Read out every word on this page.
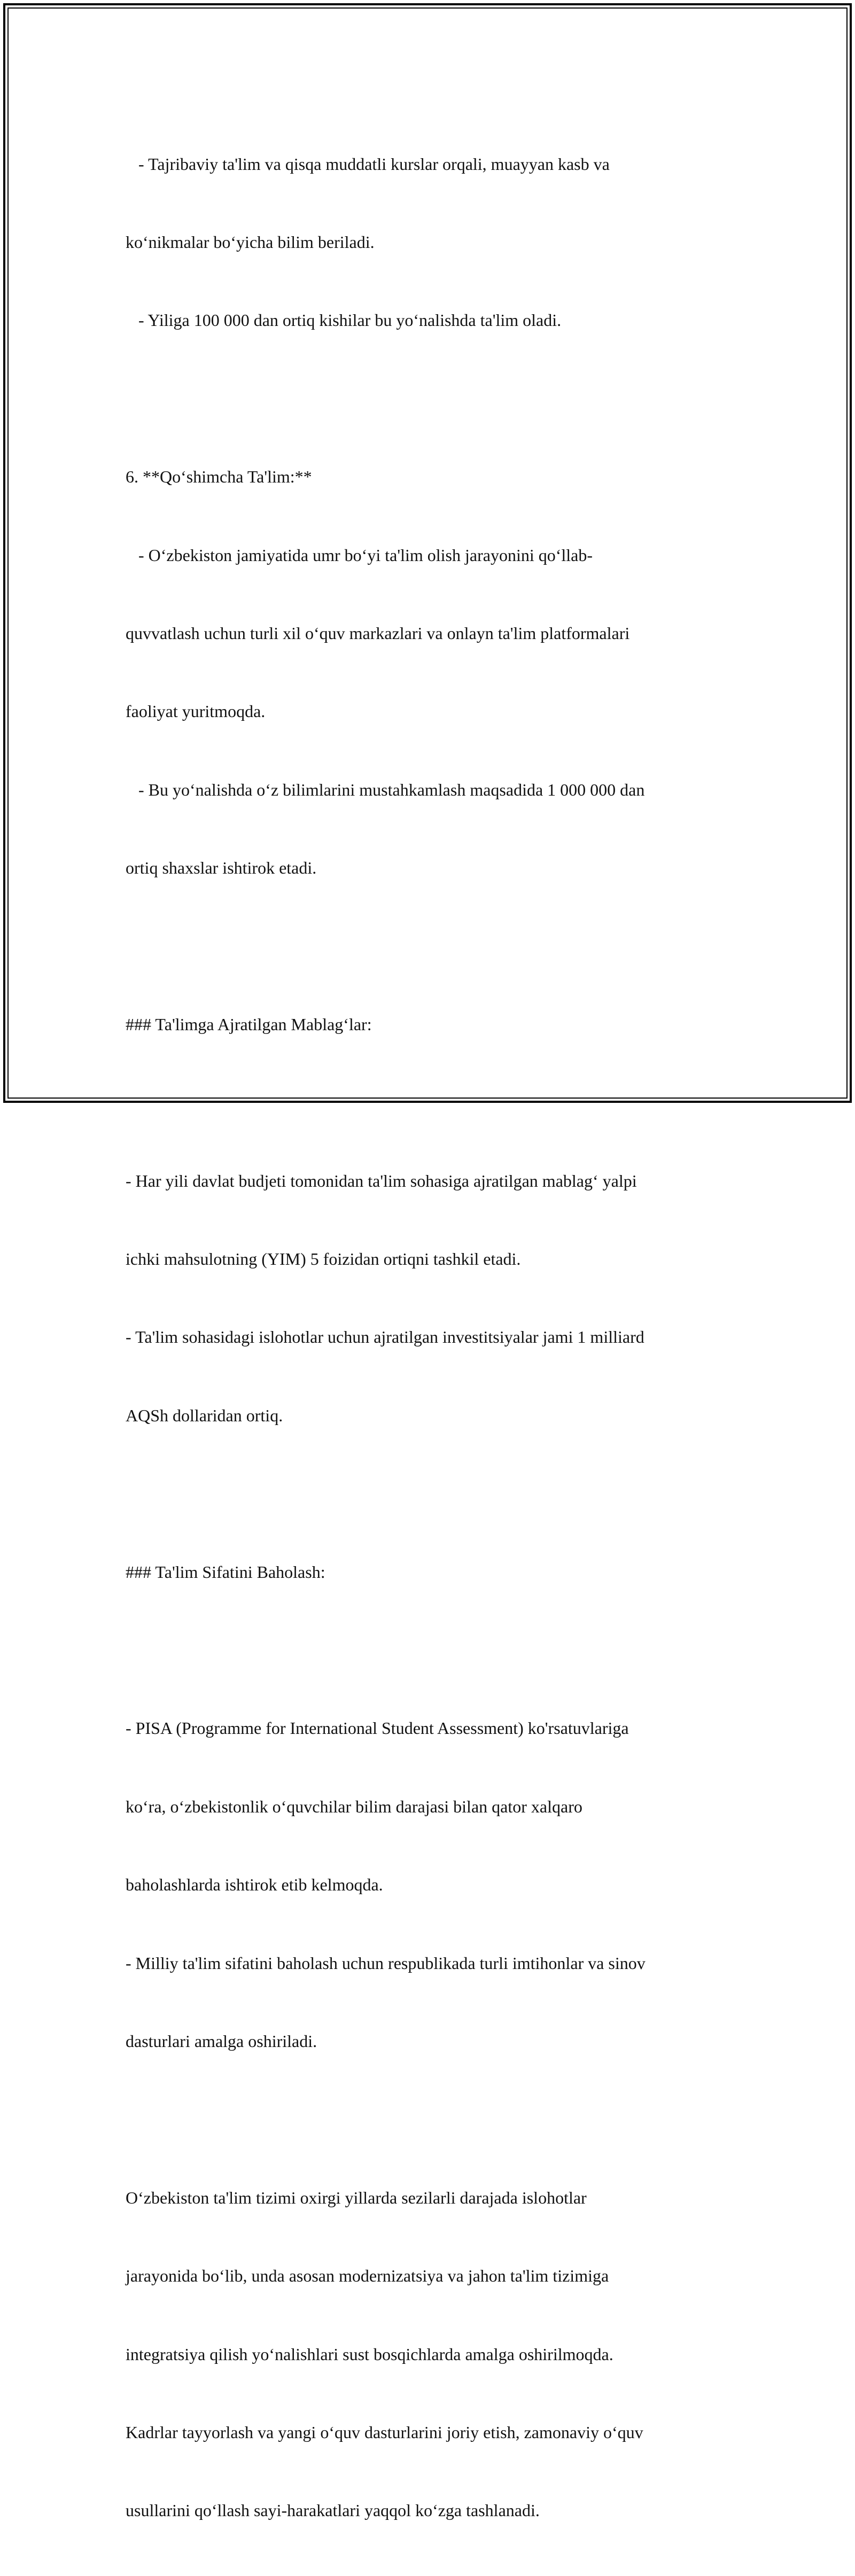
- Tajribaviy ta'lim va qisqa muddatli kurslar orqali, muayyan kasb va

ko‘nikmalar bo‘yicha bilim beriladi.

- Yiliga 100 000 dan ortiq kishilar bu yo‘nalishda ta'lim oladi.

6. **Qo‘shimcha Ta'lim:**

- O‘zbekiston jamiyatida umr bo‘yi ta'lim olish jarayonini qo‘llab-

quvvatlash uchun turli xil o‘quv markazlari va onlayn ta'lim platformalari

faoliyat yuritmoqda.

- Bu yo‘nalishda o‘z bilimlarini mustahkamlash maqsadida 1 000 000 dan

ortiq shaxslar ishtirok etadi.

### Ta'limga Ajratilgan Mablag‘lar:

- Har yili davlat budjeti tomonidan ta'lim sohasiga ajratilgan mablag‘ yalpi

ichki mahsulotning (YIM) 5 foizidan ortiqni tashkil etadi.

- Ta'lim sohasidagi islohotlar uchun ajratilgan investitsiyalar jami 1 milliard

AQSh dollaridan ortiq.

### Ta'lim Sifatini Baholash:

- PISA (Programme for International Student Assessment) ko'rsatuvlariga

ko‘ra, o‘zbekistonlik o‘quvchilar bilim darajasi bilan qator xalqaro

baholashlarda ishtirok etib kelmoqda.

- Milliy ta'lim sifatini baholash uchun respublikada turli imtihonlar va sinov

dasturlari amalga oshiriladi.

O‘zbekiston ta'lim tizimi oxirgi yillarda sezilarli darajada islohotlar

jarayonida bo‘lib, unda asosan modernizatsiya va jahon ta'lim tizimiga

integratsiya qilish yo‘nalishlari sust bosqichlarda amalga oshirilmoqda.

Kadrlar tayyorlash va yangi o‘quv dasturlarini joriy etish, zamonaviy o‘quv

usullarini qo‘llash sayi-harakatlari yaqqol ko‘zga tashlanadi.
